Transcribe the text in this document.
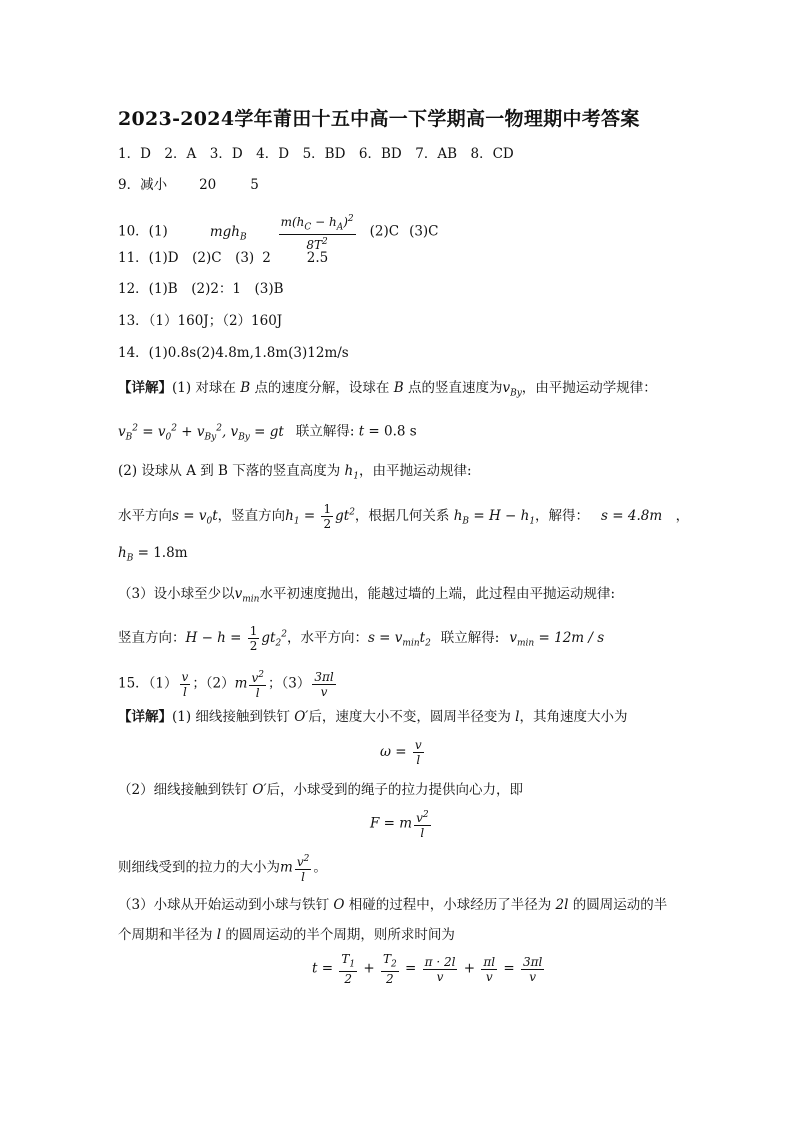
2023-2024学年莆田十五中高一下学期高一物理期中考答案
1．D　2．A　3．D　4．D　5．BD　6．BD　7．AB　8．CD
9．减小 20	5
10．(1)	mgh$_B$	$\frac{m(h_C - h_A)^2}{8T^2} (2)C$ (3)C
11．(1)D　(2)C　(3) 2	2.5
12．(1)B　(2)2：1　(3)B
13．（1）160J；（2）160J
14．(1)0.8s(2)4.8m,1.8m(3)12m/s
【详解】(1) 对球在 B 点的速度分解，设球在 B 点的竖直速度为$v_{By}$，由平抛运动学规律：
$v_B^2 = v_0^2 + v_{By}^2$, $v_{By}$ = gt 联立解得: t = 0.8 s
(2) 设球从 A 到 B 下落的竖直高度为 $h_1$，由平抛运动规律:
水平方向$s = v_0t$，竖直方向$h_1 = \frac{1}{2} gt^2$，根据几何关系 $h_B = H - h_1$，解得： s = 4.8m　，
$h_B = 1.8m$
（3）设小球至少以$v_{min}$水平初速度抛出，能越过墙的上端，此过程由平抛运动规律:
竖直方向：$H - h = \frac{1}{2} gt_2^2$，水平方向：$s = v_{min}t_2$ 联立解得: $v_{min} = 12m / s$
15．$(1) \frac{v}{l}$ ；$(2)m \frac{v^2}{l}$ ；$(3) \frac{3\pi l}{v}$
【详解】(1) 细线接触到铁钉 O′后，速度大小不变，圆周半径变为 l，其角速度大小为
$\omega = \frac{v}{l}$
（2）细线接触到铁钉 O′后，小球受到的绳子的拉力提供向心力，即
F = m $\frac{v^2}{l}$
则细线受到的拉力的大小为m $\frac{v^2}{l}$ 。
（3）小球从开始运动到小球与铁钉 O 相碰的过程中，小球经历了半径为 2l 的圆周运动的半
个周期和半径为 l 的圆周运动的半个周期，则所求时间为
$t = \frac{T_1}{2} + \frac{T_2}{2} = \frac{\pi \cdot 2l}{v} + \frac{\pi l}{v} = \frac{3\pi l}{v}$
